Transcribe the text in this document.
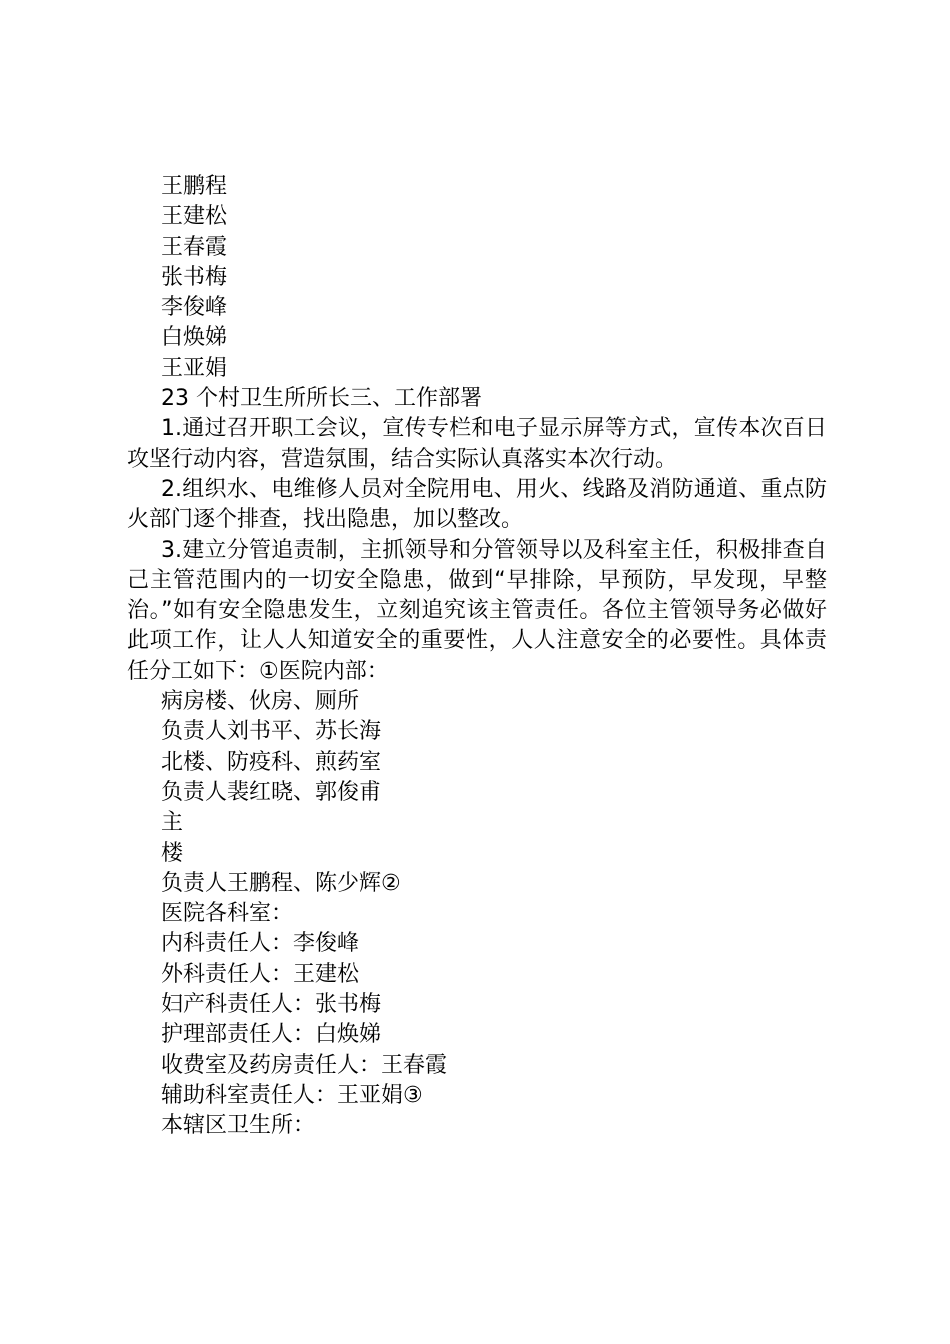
王鹏程

王建松

王春霞

张书梅

李俊峰

白焕娣

王亚娟

23 个村卫生所所长三、工作部署

1.通过召开职工会议，宣传专栏和电子显示屏等方式，宣传本次百日攻坚行动内容，营造氛围，结合实际认真落实本次行动。

2.组织水、电维修人员对全院用电、用火、线路及消防通道、重点防火部门逐个排查，找出隐患，加以整改。

3.建立分管追责制，主抓领导和分管领导以及科室主任，积极排查自己主管范围内的一切安全隐患，做到“早排除，早预防，早发现，早整治。”如有安全隐患发生，立刻追究该主管责任。各位主管领导务必做好此项工作，让人人知道安全的重要性，人人注意安全的必要性。具体责任分工如下：①医院内部：

病房楼、伙房、厕所

负责人刘书平、苏长海

北楼、防疫科、煎药室

负责人裴红晓、郭俊甫

主

楼

负责人王鹏程、陈少辉②

医院各科室：

内科责任人：李俊峰

外科责任人：王建松

妇产科责任人：张书梅

护理部责任人：白焕娣

收费室及药房责任人：王春霞

辅助科室责任人：王亚娟③

本辖区卫生所：
